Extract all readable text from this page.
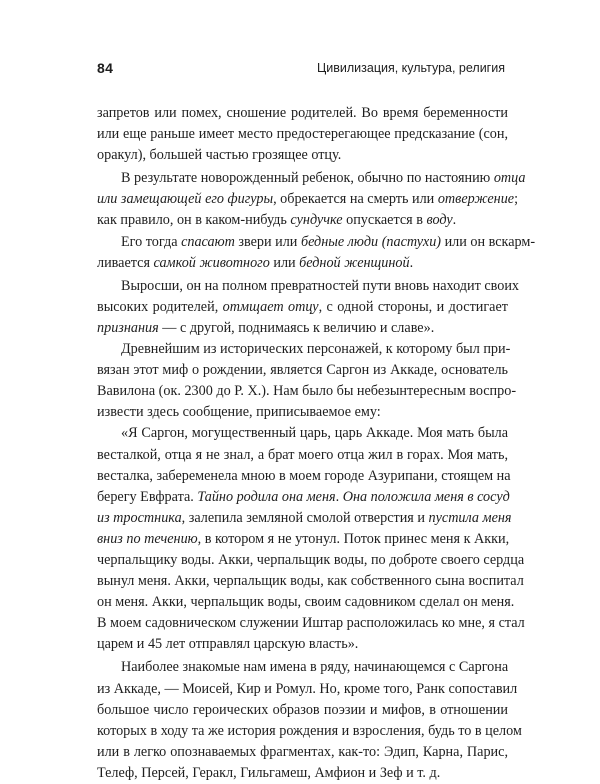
84	Цивилизация, культура, религия
запретов или помех, сношение родителей. Во время беременности
или еще раньше имеет место предостерегающее предсказание (сон,
оракул), большей частью грозящее отцу.
В результате новорожденный ребенок, обычно по настоянию отца
или замещающей его фигуры, обрекается на смерть или отвержение;
как правило, он в каком-нибудь сундучке опускается в воду.
Его тогда спасают звери или бедные люди (пастухи) или он вскарм-
ливается самкой животного или бедной женщиной.
Выросши, он на полном превратностей пути вновь находит своих
высоких родителей, отмщает отцу, с одной стороны, и достигает
признания — с другой, поднимаясь к величию и славе».
Древнейшим из исторических персонажей, к которому был при-
вязан этот миф о рождении, является Саргон из Аккаде, основатель
Вавилона (ок. 2300 до Р. Х.). Нам было бы небезынтересным воспро-
извести здесь сообщение, приписываемое ему:
«Я Саргон, могущественный царь, царь Аккаде. Моя мать была
весталкой, отца я не знал, а брат моего отца жил в горах. Моя мать,
весталка, забеременела мною в моем городе Азурипани, стоящем на
берегу Евфрата. Тайно родила она меня. Она положила меня в сосуд
из тростника, залепила земляной смолой отверстия и пустила меня
вниз по течению, в котором я не утонул. Поток принес меня к Акки,
черпальщику воды. Акки, черпальщик воды, по доброте своего сердца
вынул меня. Акки, черпальщик воды, как собственного сына воспитал
он меня. Акки, черпальщик воды, своим садовником сделал он меня.
В моем садовническом служении Иштар расположилась ко мне, я стал
царем и 45 лет отправлял царскую власть».
Наиболее знакомые нам имена в ряду, начинающемся с Саргона
из Аккаде, — Моисей, Кир и Ромул. Но, кроме того, Ранк сопоставил
большое число героических образов поэзии и мифов, в отношении
которых в ходу та же история рождения и взросления, будь то в целом
или в легко опознаваемых фрагментах, как-то: Эдип, Карна, Парис,
Телеф, Персей, Геракл, Гильгамеш, Амфион и Зеф и т. д.
